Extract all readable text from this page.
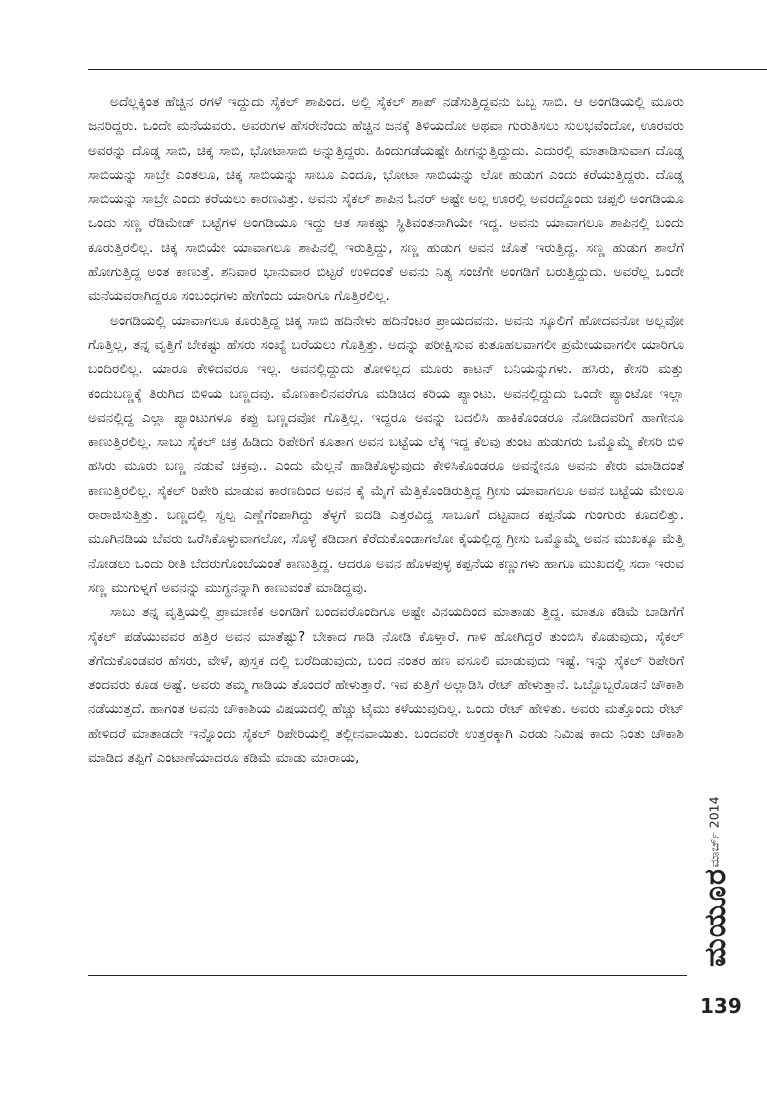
ಅದೆಲ್ಲಕ್ಕಿಂತ ಹೆಚ್ಚಿನ ರಗಳೆ ಇದ್ದುದು ಸೈಕಲ್ ಶಾಪಿಂದ. ಅಲ್ಲಿ ಸೈಕಲ್ ಶಾಪ್ ನಡೆಸುತ್ತಿದ್ದವನು ಒಬ್ಬ ಸಾಬಿ. ಆ ಅಂಗಡಿಯಲ್ಲಿ ಮೂರು ಜನರಿದ್ದರು. ಒಂದೇ ಮನೆಯವರು. ಅವರುಗಳ ಹೆಸರೇನೆಂದು ಹೆಚ್ಚಿನ ಜನಕ್ಕೆ ತಿಳಿಯದೋ ಅಥವಾ ಗುರುತಿಸಲು ಸುಲಭವೆಂದೋ, ಊರವರು ಅವರನ್ನು ದೊಡ್ಡ ಸಾಬಿ, ಚಿಕ್ಕ ಸಾಬಿ, ಭೋಟಾಸಾಬಿ ಅನ್ನುತ್ತಿದ್ದರು. ಹಿಂದುಗಡೆಯಷ್ಟೇ ಹೀಗನ್ನುತ್ತಿದ್ದುದು. ಎದುರಲ್ಲಿ ಮಾತಾಡಿಸುವಾಗ ದೊಡ್ಡ ಸಾಬಿಯನ್ನು ಸಾಬ್ರೇ ಎಂತಲೂ, ಚಿಕ್ಕ ಸಾಬಿಯನ್ನು ಸಾಬೂ ಎಂದೂ, ಭೋಟಾ ಸಾಬಿಯನ್ನು ಲೋ ಹುಡುಗ ಎಂದು ಕರೆಯುತ್ತಿದ್ದರು. ದೊಡ್ಡ ಸಾಬಿಯನ್ನು ಸಾಬ್ರೇ ಎಂದು ಕರೆಯಲು ಕಾರಣವಿತ್ತು. ಅವನು ಸೈಕಲ್ ಶಾಪಿನ ಓನರ್ ಅಷ್ಟೇ ಅಲ್ಲ ಊರಲ್ಲಿ ಅವರದ್ದೊಂದು ಚಪ್ಪಲಿ ಅಂಗಡಿಯೂ ಒಂದು ಸಣ್ಣ ರೆಡಿಮೇಡ್ ಬಟ್ಟೆಗಳ ಅಂಗಡಿಯೂ ಇದ್ದು ಆತ ಸಾಕಷ್ಟು ಸ್ಥಿತಿವಂತನಾಗಿಯೇ ಇದ್ದ. ಅವನು ಯಾವಾಗಲೂ ಶಾಪಿನಲ್ಲಿ ಬಂದು ಕೂರುತ್ತಿರಲಿಲ್ಲ. ಚಿಕ್ಕ ಸಾಬಿಯೇ ಯಾವಾಗಲೂ ಶಾಪಿನಲ್ಲಿ ಇರುತ್ತಿದ್ದು, ಸಣ್ಣ ಹುಡುಗ ಅವನ ಜೊತೆ ಇರುತ್ತಿದ್ದ. ಸಣ್ಣ ಹುಡುಗ ಶಾಲೆಗೆ ಹೋಗುತ್ತಿದ್ದ ಅಂತ ಕಾಣುತ್ತೆ. ಶನಿವಾರ ಭಾನುವಾರ ಬಿಟ್ಟರೆ ಉಳಿದಂತೆ ಅವನು ನಿತ್ಯ ಸಂಜೆಗೇ ಅಂಗಡಿಗೆ ಬರುತ್ತಿದ್ದುದು. ಅವರೆಲ್ಲ ಒಂದೇ ಮನೆಯವರಾಗಿದ್ದರೂ ಸಂಬಂಧಗಳು ಹೇಗೆಂದು ಯಾರಿಗೂ ಗೊತ್ತಿರಲಿಲ್ಲ.

ಅಂಗಡಿಯಲ್ಲಿ ಯಾವಾಗಲೂ ಕೂರುತ್ತಿದ್ದ ಚಿಕ್ಕ ಸಾಬಿ ಹದಿನೇಳು ಹದಿನೆಂಟರ ಪ್ರಾಯದವನು. ಅವನು ಸ್ಕೂಲಿಗೆ ಹೋದವನೋ ಅಲ್ಲವೋ ಗೊತ್ತಿಲ್ಲ, ತನ್ನ ವೃತ್ತಿಗೆ ಬೇಕಷ್ಟು ಹೆಸರು ಸಂಖ್ಯೆ ಬರೆಯಲು ಗೊತ್ತಿತ್ತು. ಅದನ್ನು ಪರೀಕ್ಷಿಸುವ ಕುತೂಹಲವಾಗಲೀ ಪ್ರಮೇಯವಾಗಲೀ ಯಾರಿಗೂ ಬಂದಿರಲಿಲ್ಲ. ಯಾರೂ ಕೇಳಿದವರೂ ಇಲ್ಲ. ಅವನಲ್ಲಿದ್ದುದು ತೋಳಿಲ್ಲದ ಮೂರು ಕಾಟನ್ ಬನಿಯನ್ನುಗಳು. ಹಸಿರು, ಕೇಸರಿ ಮತ್ತು ಕಂದುಬಣ್ಣಕ್ಕೆ ತಿರುಗಿದ ಬಿಳಿಯ ಬಣ್ಣದವು. ಮೊಣಕಾಲಿನವರೆಗೂ ಮಡಿಚಿದ ಕರಿಯ ಪ್ಯಾಂಟು. ಅವನಲ್ಲಿದ್ದುದು ಒಂದೇ ಪ್ಯಾಂಟೋ ಇಲ್ಲಾ ಅವನಲ್ಲಿದ್ದ ಎಲ್ಲಾ ಪ್ಯಾಂಟುಗಳೂ ಕಪ್ಪು ಬಣ್ಣದವೋ ಗೊತ್ತಿಲ್ಲ. ಇದ್ದರೂ ಅವನ್ನು ಬದಲಿಸಿ ಹಾಕಿಕೊಂಡರೂ ನೋಡಿದವರಿಗೆ ಹಾಗೇನೂ ಕಾಣುತ್ತಿರಲಿಲ್ಲ. ಸಾಬು ಸೈಕಲ್ ಚಕ್ರ ಹಿಡಿದು ರಿಪೇರಿಗೆ ಕೂತಾಗ ಅವನ ಬಟ್ಟೆಯ ಲೆಕ್ಕ ಇದ್ದ ಕೆಲವು ತುಂಟ ಹುಡುಗರು ಒಮ್ಮೊಮ್ಮೆ ಕೇಸರಿ ಬಿಳಿ ಹಸಿರು ಮೂರು ಬಣ್ಣ ನಡುವೆ ಚಕ್ರವು.. ಎಂದು ಮೆಲ್ಲನೆ ಹಾಡಿಕೊಳ್ಳುವುದು ಕೇಳಿಸಿಕೊಂಡರೂ ಅವನ್ನೇನೂ ಅವನು ಕೇರು ಮಾಡಿದಂತೆ ಕಾಣುತ್ತಿರಲಿಲ್ಲ. ಸೈಕಲ್ ರಿಪೇರಿ ಮಾಡುವ ಕಾರಣದಿಂದ ಅವನ ಕೈ ಮೈಗೆ ಮೆತ್ತಿಕೊಂಡಿರುತ್ತಿದ್ದ ಗ್ರೀಸು ಯಾವಾಗಲೂ ಅವನ ಬಟ್ಟೆಯ ಮೇಲೂ ರಾರಾಜಿಸುತ್ತಿತ್ತು. ಬಣ್ಣದಲ್ಲಿ ಸ್ವಲ್ಪ ಎಣ್ಣೆಗೆಂಪಾಗಿದ್ದು ತೆಳ್ಳಗೆ ಐದಡಿ ಎತ್ತರವಿದ್ದ ಸಾಬೂಗೆ ದಟ್ಟವಾದ ಕಪ್ಪನೆಯ ಗುಂಗುರು ಕೂದಲಿತ್ತು. ಮೂಗಿನಡಿಯ ಬೆವರು ಒರೆಸಿಕೊಳ್ಳುವಾಗಲೋ, ಸೊಳ್ಳೆ ಕಡಿದಾಗ ಕೆರೆದುಕೊಂಡಾಗಲೋ ಕೈಯಲ್ಲಿದ್ದ ಗ್ರೀಸು ಒಮ್ಮೊಮ್ಮೆ ಅವನ ಮುಖಕ್ಕೂ ಮೆತ್ತಿ ನೋಡಲು ಒಂದು ರೀತಿ ಬೆದರುಗೊಂಬೆಯಂತೆ ಕಾಣುತ್ತಿದ್ದ. ಆದರೂ ಅವನ ಹೊಳಪುಳ್ಳ ಕಪ್ಪನೆಯ ಕಣ್ಣುಗಳು ಹಾಗೂ ಮುಖದಲ್ಲಿ ಸದಾ ಇರುವ ಸಣ್ಣ ಮುಗುಳ್ನಗೆ ಅವನನ್ನು ಮುಗ್ಧನನ್ನಾಗಿ ಕಾಣುವಂತೆ ಮಾಡಿದ್ದವು.

ಸಾಬು ತನ್ನ ವೃತ್ತಿಯಲ್ಲಿ ಪ್ರಾಮಾಣಿಕ ಅಂಗಡಿಗೆ ಬಂದವರೊಂದಿಗೂ ಅಷ್ಟೇ ವಿನಯದಿಂದ ಮಾತಾಡು ತ್ತಿದ್ದ. ಮಾತೂ ಕಡಿಮೆ ಬಾಡಿಗೆಗೆ ಸೈಕಲ್ ಪಡೆಯುವವರ ಹತ್ತಿರ ಅವನ ಮಾತೆಷ್ಟು? ಬೇಕಾದ ಗಾಡಿ ನೋಡಿ ಕೊಳ್ತಾರೆ. ಗಾಳಿ ಹೋಗಿದ್ದರೆ ತುಂಬಿಸಿ ಕೊಡುವುದು, ಸೈಕಲ್ ತೆಗೆದುಕೊಂಡವರ ಹೆಸರು, ವೇಳೆ, ಪುಸ್ತಕ ದಲ್ಲಿ ಬರೆದಿಡುವುದು, ಬಂದ ನಂತರ ಹಣ ವಸೂಲಿ ಮಾಡುವುದು ಇಷ್ಟೆ. ಇನ್ನು ಸೈಕಲ್ ರಿಪೇರಿಗೆ ತಂದವರು ಕೂಡ ಅಷ್ಟೆ. ಅವರು ತಮ್ಮ ಗಾಡಿಯ ತೊಂದರೆ ಹೇಳುತ್ತಾರೆ. ಇವ ಕುತ್ತಿಗೆ ಅಲ್ಲಾಡಿಸಿ ರೇಟ್ ಹೇಳುತ್ತಾನೆ. ಒಬ್ಬೊಬ್ಬರೊಡನೆ ಚೌಕಾಶಿ ನಡೆಯುತ್ತದೆ. ಹಾಗಂತ ಅವನು ಚೌಕಾಶಿಯ ವಿಷಯದಲ್ಲಿ ಹೆಚ್ಚು ಟೈಮು ಕಳೆಯುವುದಿಲ್ಲ. ಒಂದು ರೇಟ್ ಹೇಳಿತು. ಅವರು ಮತ್ತೊಂದು ರೇಟ್ ಹೇಳಿದರೆ ಮಾತಾಡದೇ ಇನ್ನೊಂದು ಸೈಕಲ್ ರಿಪೇರಿಯಲ್ಲಿ ತಲ್ಲೀನವಾಯಿತು. ಬಂದವರೇ ಉತ್ತರಕ್ಕಾಗಿ ಎರಡು ನಿಮಿಷ ಕಾದು ನಿಂತು ಚೌಕಾಶಿ ಮಾಡಿದ ತಪ್ಪಿಗೆ ಎಂಟಾಣೆಯಾದರೂ ಕಡಿಮೆ ಮಾಡು ಮಾರಾಯ,

ಮಾರ್ಚ್ 2014
ಮಯೂರ
139
